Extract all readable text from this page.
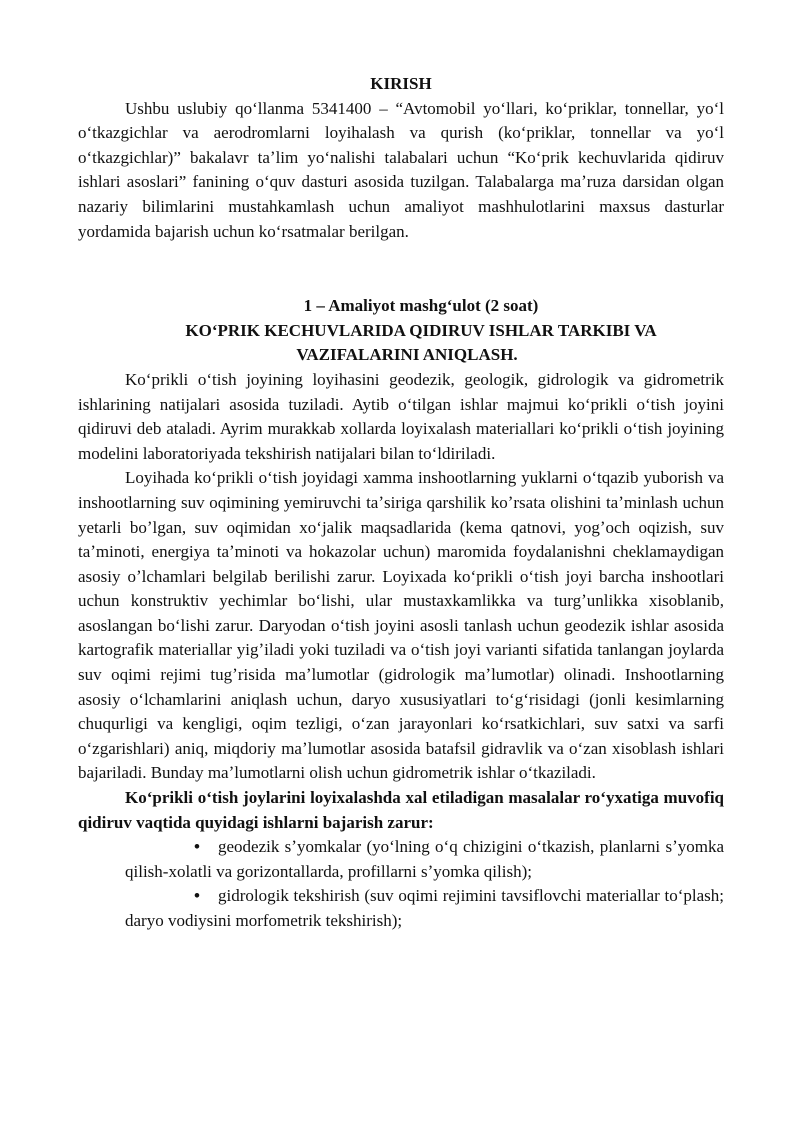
KIRISH

Ushbu uslubiy qoʻllanma 5341400 – “Avtomobil yoʻllari, koʻpriklar, tonnellar, yoʻl oʻtkazgichlar va aerodromlarni loyihalash va qurish (koʻpriklar, tonnellar va yoʻl oʻtkazgichlar)” bakalavr taʼlim yoʻnalishi talabalari uchun “Koʻprik kechuvlarida qidiruv ishlari asoslari” fanining oʻquv dasturi asosida tuzilgan. Talabalarga maʼruza darsidan olgan nazariy bilimlarini mustahkamlash uchun amaliyot mashhulotlarini maxsus dasturlar yordamida bajarish uchun koʻrsatmalar berilgan.

1 – Amaliyot mashgʻulot (2 soat)
KOʻPRIK KECHUVLARIDA QIDIRUV ISHLAR TARKIBI VA
VAZIFALARINI ANIQLASH.

Koʻprikli oʻtish joyining loyihasini geodezik, geologik, gidrologik va gidrometrik ishlarining natijalari asosida tuziladi. Aytib oʻtilgan ishlar majmui koʻprikli oʻtish joyini qidiruvi deb ataladi. Ayrim murakkab xollarda loyixalash materiallari koʻprikli oʻtish joyining modelini laboratoriyada tekshirish natijalari bilan toʻldiriladi.

Loyihada koʻprikli oʻtish joyidagi xamma inshootlarning yuklarni oʻtqazib yuborish va inshootlarning suv oqimining yemiruvchi taʼsiriga qarshilik koʼrsata olishini taʼminlash uchun yetarli boʼlgan, suv oqimidan xoʻjalik maqsadlarida (kema qatnovi, yogʼoch oqizish, suv taʼminoti, energiya taʼminoti va hokazolar uchun) maromida foydalanishni cheklamaydigan asosiy oʼlchamlari belgilab berilishi zarur. Loyixada koʻprikli oʻtish joyi barcha inshootlari uchun konstruktiv yechimlar boʻlishi, ular mustaxkamlikka va turgʼunlikka xisoblanib, asoslangan boʻlishi zarur. Daryodan oʻtish joyini asosli tanlash uchun geodezik ishlar asosida kartografik materiallar yigʼiladi yoki tuziladi va oʻtish joyi varianti sifatida tanlangan joylarda suv oqimi rejimi tugʼrisida maʼlumotlar (gidrologik maʼlumotlar) olinadi. Inshootlarning asosiy oʻlchamlarini aniqlash uchun, daryo xususiyatlari toʻgʻrisidagi (jonli kesimlarning chuqurligi va kengligi, oqim tezligi, oʻzan jarayonlari koʻrsatkichlari, suv satxi va sarfi oʻzgarishlari) aniq, miqdoriy maʼlumotlar asosida batafsil gidravlik va oʻzan xisoblash ishlari bajariladi. Bunday maʼlumotlarni olish uchun gidrometrik ishlar oʻtkaziladi.

Koʻprikli oʻtish joylarini loyixalashda xal etiladigan masalalar roʻyxatiga muvofiq qidiruv vaqtida quyidagi ishlarni bajarish zarur:

• geodezik sʼyomkalar (yoʻlning oʻq chizigini oʻtkazish, planlarni sʼyomka qilish-xolatli va gorizontallarda, profillarni sʼyomka qilish);
• gidrologik tekshirish (suv oqimi rejimini tavsiflovchi materiallar toʻplash; daryo vodiysini morfometrik tekshirish);
